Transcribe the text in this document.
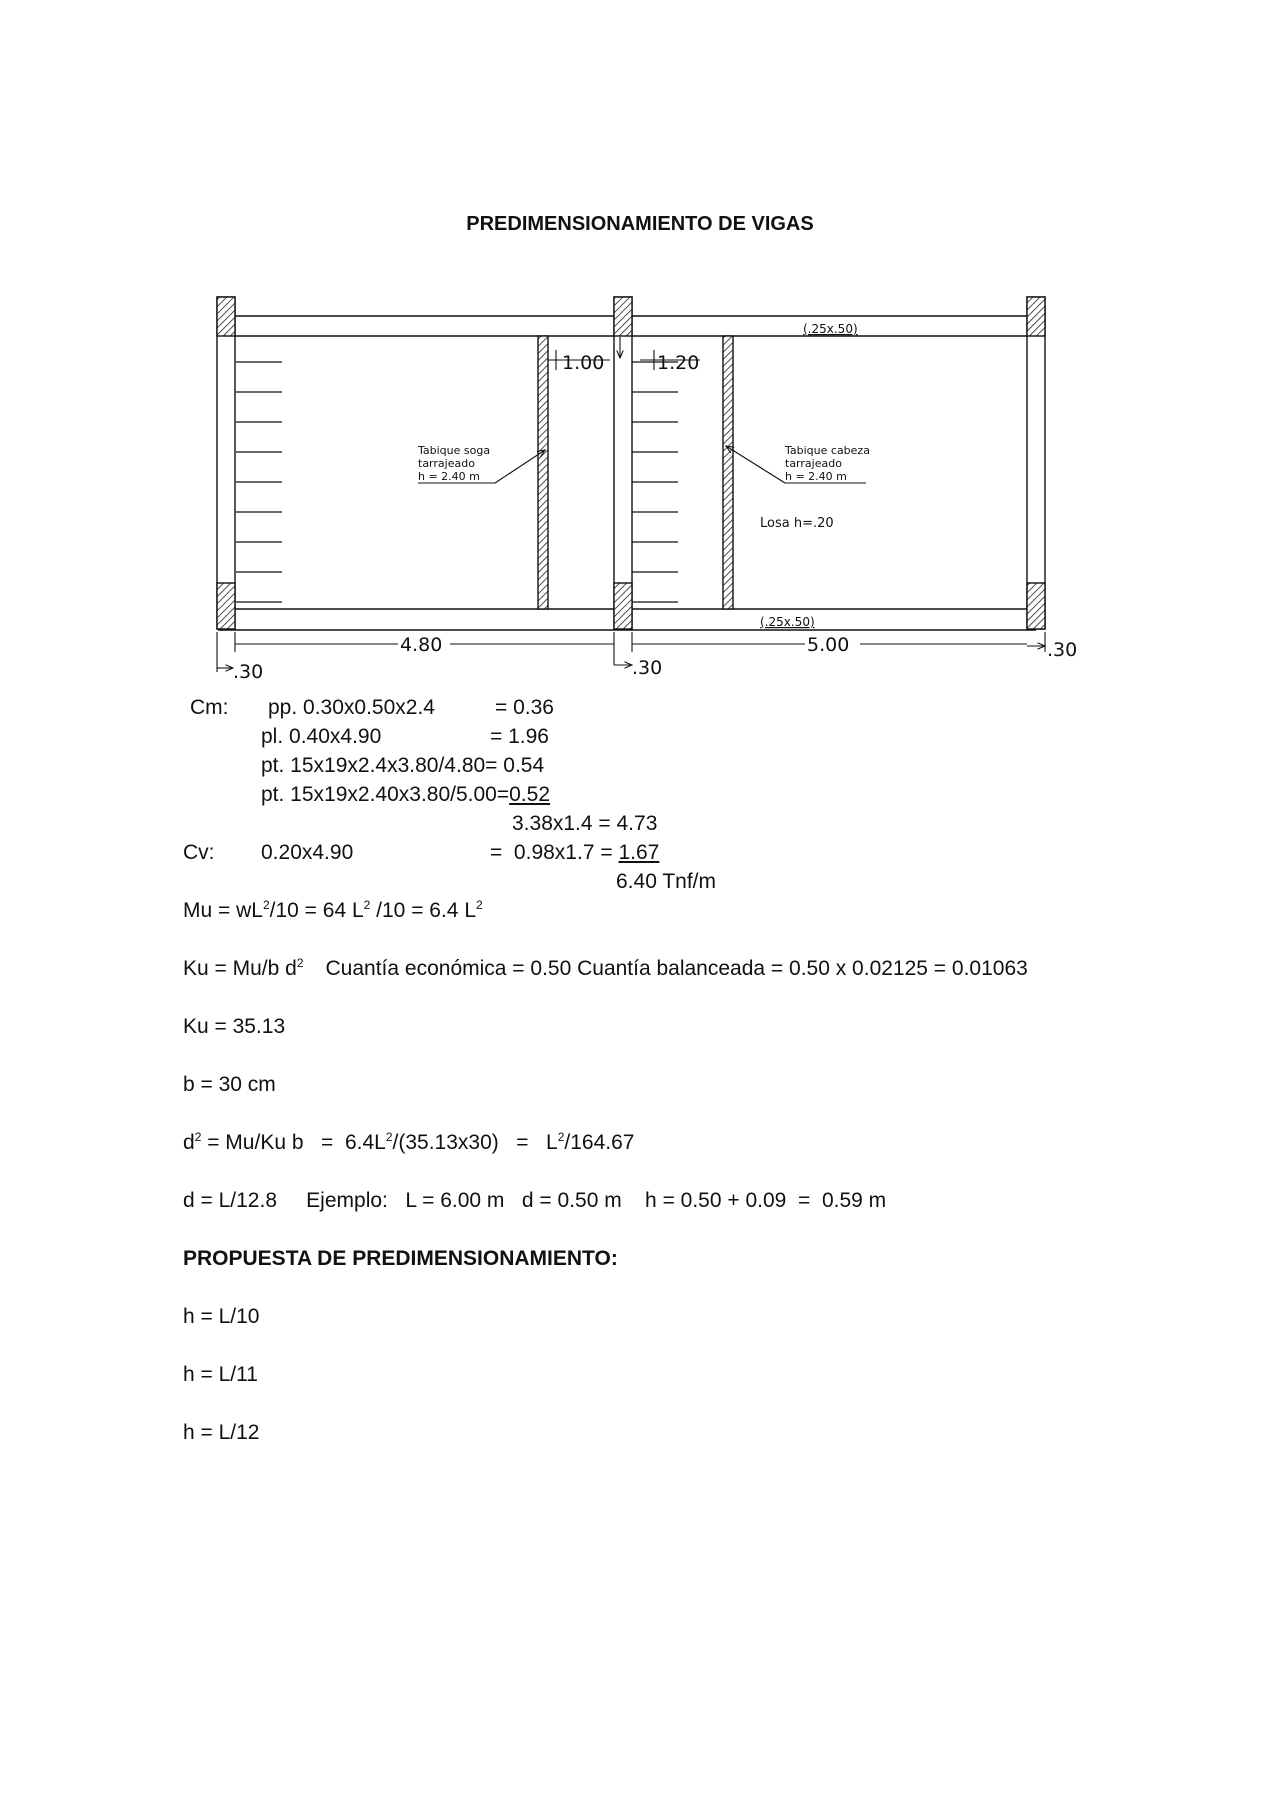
PREDIMENSIONAMIENTO DE VIGAS
(.25x.50)
(.25x.50)
1.00	1.20
Tabique soga
tarrajeado
h = 2.40 m
Tabique cabeza
tarrajeado
h = 2.40 m
Losa h=.20
4.80	5.00
.30	.30
.30
Cm: pp. 0.30x0.50x2.4	= 0.36
pl. 0.40x4.90	= 1.96
pt. 15x19x2.4x3.80/4.80= 0.54
pt. 15x19x2.40x3.80/5.00=0.52
3.38x1.4 = 4.73
Cv: 0.20x4.90	=  0.98x1.7 = 1.67
6.40 Tnf/m
$Mu = wL^2/10 = 64$ $L^2$ /10 = 6.4 $L^2$
Ku = Mu/b $d^2$ Cuantía económica = 0.50 Cuantía balanceada = 0.50 x 0.02125 = 0.01063
Ku = 35.13
b = 30 cm
$d^2 = Mu/Ku$ $b = 6.4L^2/(35.13x30) = L^2/164.67$
d = L/12.8     Ejemplo:   L = 6.00 m   d = 0.50 m    h = 0.50 + 0.09  =  0.59 m
PROPUESTA DE PREDIMENSIONAMIENTO:
h = L/10
h = L/11
h = L/12
